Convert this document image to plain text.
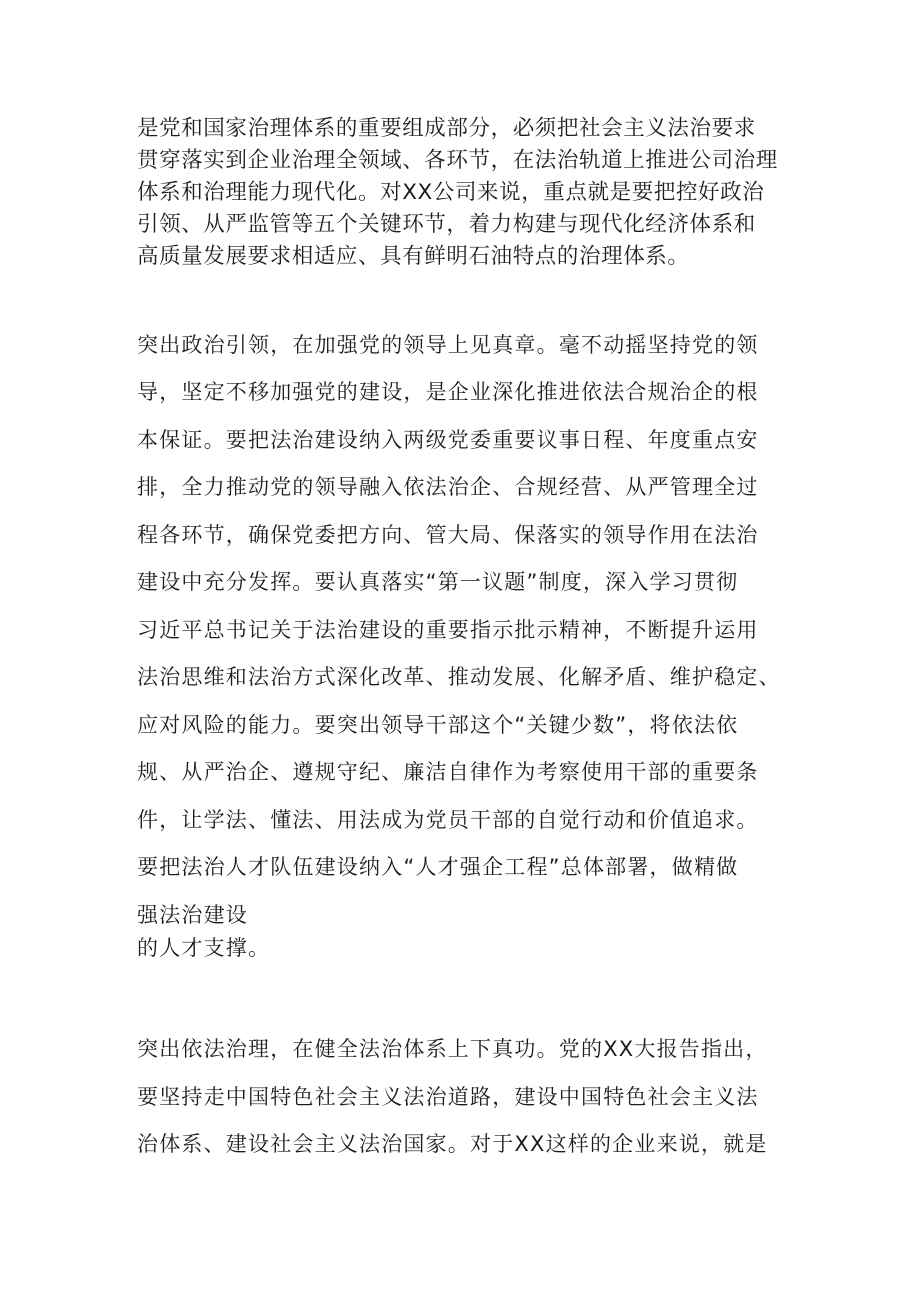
是党和国家治理体系的重要组成部分，必须把社会主义法治要求
贯穿落实到企业治理全领域、各环节，在法治轨道上推进公司治理
体系和治理能力现代化。对XX公司来说，重点就是要把控好政治
引领、从严监管等五个关键环节，着力构建与现代化经济体系和
高质量发展要求相适应、具有鲜明石油特点的治理体系。
突出政治引领，在加强党的领导上见真章。毫不动摇坚持党的领
导，坚定不移加强党的建设，是企业深化推进依法合规治企的根
本保证。要把法治建设纳入两级党委重要议事日程、年度重点安
排，全力推动党的领导融入依法治企、合规经营、从严管理全过
程各环节，确保党委把方向、管大局、保落实的领导作用在法治
建设中充分发挥。要认真落实“第一议题”制度，深入学习贯彻
习近平总书记关于法治建设的重要指示批示精神，不断提升运用
法治思维和法治方式深化改革、推动发展、化解矛盾、维护稳定、
应对风险的能力。要突出领导干部这个“关键少数”，将依法依
规、从严治企、遵规守纪、廉洁自律作为考察使用干部的重要条
件，让学法、懂法、用法成为党员干部的自觉行动和价值追求。
要把法治人才队伍建设纳入“人才强企工程”总体部署，做精做
强法治建设
的人才支撑。
突出依法治理，在健全法治体系上下真功。党的XX大报告指出，
要坚持走中国特色社会主义法治道路，建设中国特色社会主义法
治体系、建设社会主义法治国家。对于XX这样的企业来说，就是
